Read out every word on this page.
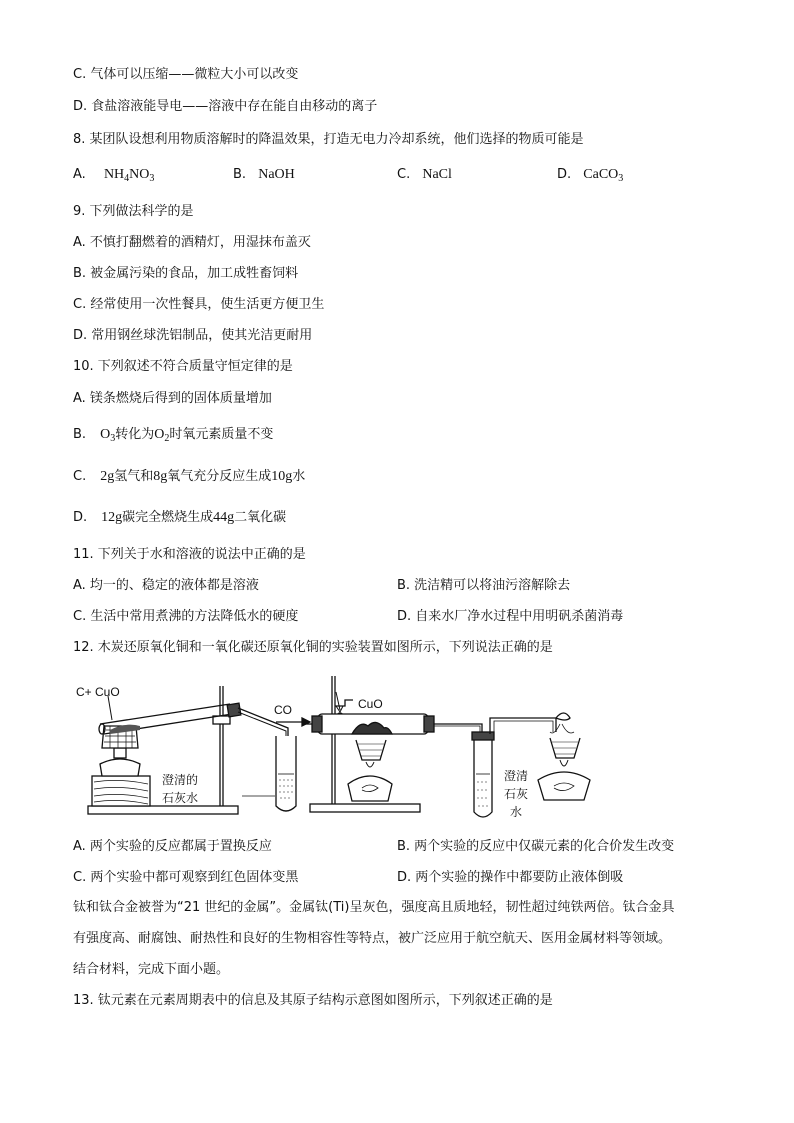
C. 气体可以压缩——微粒大小可以改变
D. 食盐溶液能导电——溶液中存在能自由移动的离子
8. 某团队设想利用物质溶解时的降温效果，打造无电力冷却系统，他们选择的物质可能是
A. $NH_4NO_3$	B. NaOH	C. NaCl	D. CaCO$_3$
9. 下列做法科学的是
A. 不慎打翻燃着的酒精灯，用湿抹布盖灭
B. 被金属污染的食品，加工成牲畜饲料
C. 经常使用一次性餐具，使生活更方便卫生
D. 常用钢丝球洗铝制品，使其光洁更耐用
10. 下列叙述不符合质量守恒定律的是
A. 镁条燃烧后得到的固体质量增加
B. $O_3$转化为$O_2$时氧元素质量不变
C. 2g氢气和8g氧气充分反应生成10g水
D. 12g碳完全燃烧生成44g二氧化碳
11. 下列关于水和溶液的说法中正确的是
A. 均一的、稳定的液体都是溶液	B. 洗洁精可以将油污溶解除去
C. 生活中常用煮沸的方法降低水的硬度	D. 自来水厂净水过程中用明矾杀菌消毒
12. 木炭还原氧化铜和一氧化碳还原氧化铜的实验装置如图所示，下列说法正确的是
C+ CuO
澄清的
石灰水
CO	CuO
澄清
石灰
水
A. 两个实验的反应都属于置换反应	B. 两个实验的反应中仅碳元素的化合价发生改变
C. 两个实验中都可观察到红色固体变黑	D. 两个实验的操作中都要防止液体倒吸
钛和钛合金被誉为“21 世纪的金属”。金属钛(Ti)呈灰色，强度高且质地轻，韧性超过纯铁两倍。钛合金具
有强度高、耐腐蚀、耐热性和良好的生物相容性等特点，被广泛应用于航空航天、医用金属材料等领域。
结合材料，完成下面小题。
13. 钛元素在元素周期表中的信息及其原子结构示意图如图所示，下列叙述正确的是
